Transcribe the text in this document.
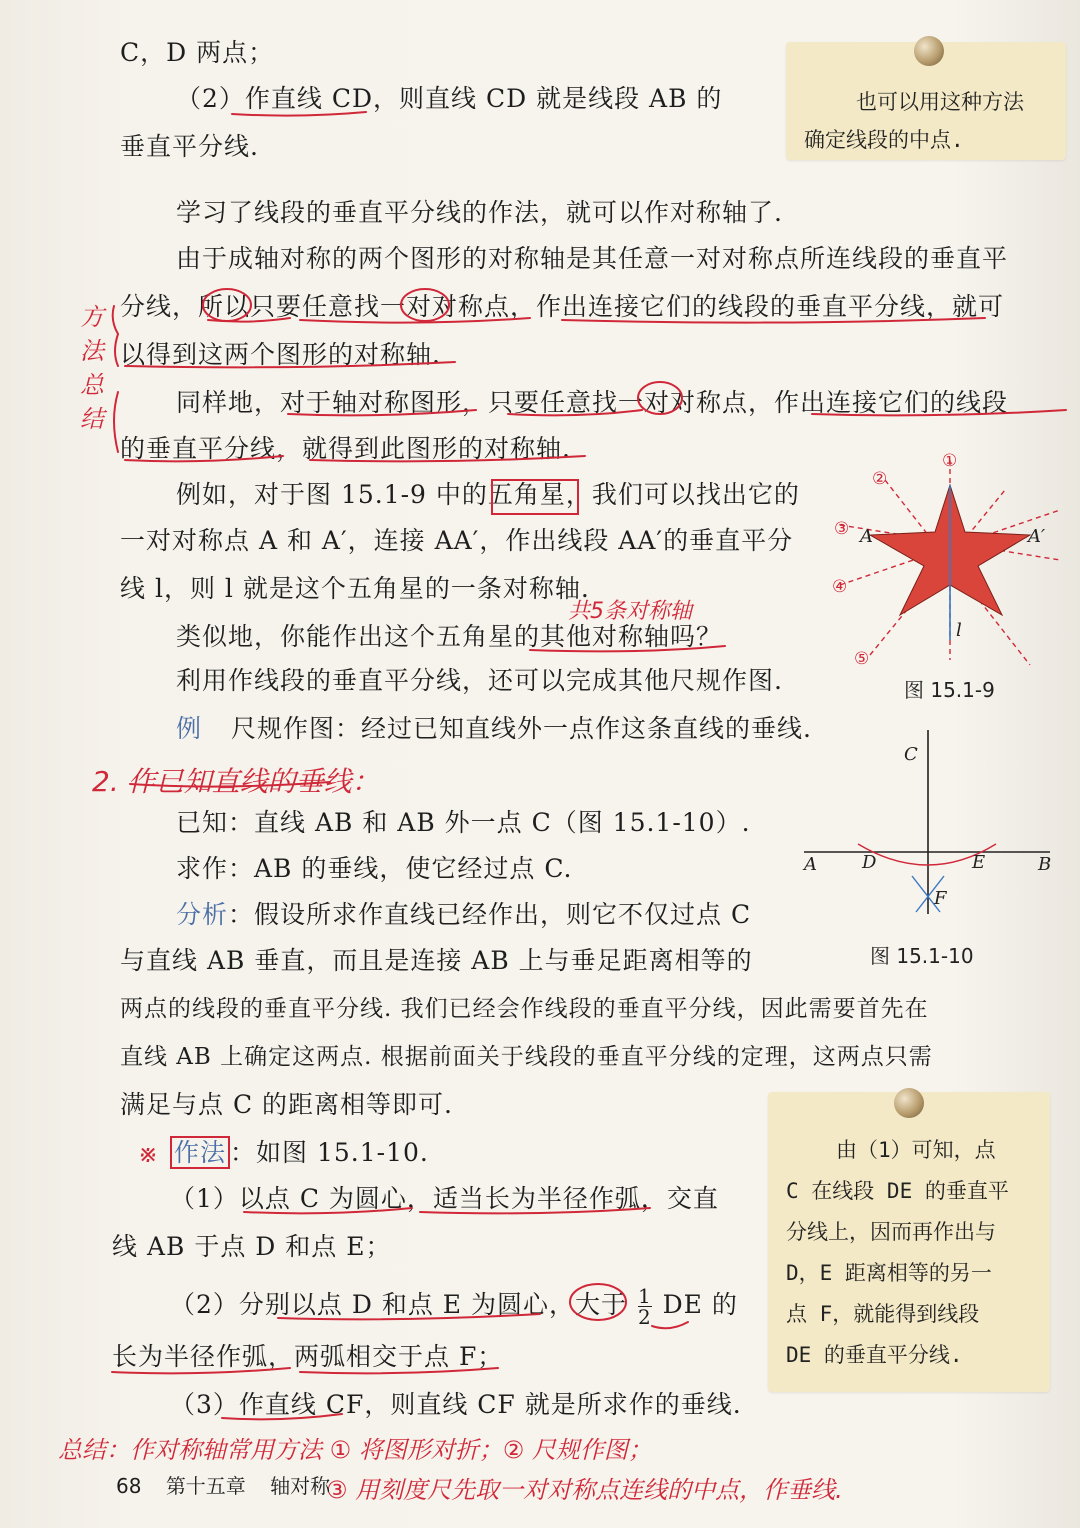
C，D 两点；
（2）作直线 CD，则直线 CD 就是线段 AB 的
垂直平分线.
学习了线段的垂直平分线的作法，就可以作对称轴了.
由于成轴对称的两个图形的对称轴是其任意一对对称点所连线段的垂直平
分线，所以只要任意找一对对称点，作出连接它们的线段的垂直平分线，就可
以得到这两个图形的对称轴.
同样地，对于轴对称图形，只要任意找一对对称点，作出连接它们的线段
的垂直平分线，就得到此图形的对称轴.
例如，对于图 15.1-9 中的五角星，我们可以找出它的
一对对称点 A 和 A′，连接 AA′，作出线段 AA′的垂直平分
线 l，则 l 就是这个五角星的一条对称轴.
类似地，你能作出这个五角星的其他对称轴吗？
利用作线段的垂直平分线，还可以完成其他尺规作图.
例 尺规作图：经过已知直线外一点作这条直线的垂线.
已知：直线 AB 和 AB 外一点 C（图 15.1-10）.
求作：AB 的垂线，使它经过点 C.
分析：假设所求作直线已经作出，则它不仅过点 C
与直线 AB 垂直，而且是连接 AB 上与垂足距离相等的
两点的线段的垂直平分线. 我们已经会作线段的垂直平分线，因此需要首先在
直线 AB 上确定这两点. 根据前面关于线段的垂直平分线的定理，这两点只需
满足与点 C 的距离相等即可.
作法 ：如图 15.1-10.
（1）以点 C 为圆心，适当长为半径作弧，交直
线 AB 于点 D 和点 E；
（2）分别以点 D 和点 E 为圆心，大于 $\frac{1}{2}$ DE 的
长为半径作弧，两弧相交于点 F；
（3）作直线 CF，则直线 CF 就是所求作的垂线.
方法总结
共5条对称轴
2. 作已知直线的垂线：
※
总结：作对称轴常用方法 ① 将图形对折；② 尺规作图；
③ 用刻度尺先取一对对称点连线的中点，作垂线.
也可以用这种方法
确定线段的中点.
由（1）可知，点
C 在线段 DE 的垂直平
分线上，因而再作出与
D，E 距离相等的另一
点 F，就能得到线段
DE 的垂直平分线.
A	A′
l
①
②
③
④
⑤
图 15.1-9
C
A	D	E	B
F
图 15.1-10
68 第十五章 轴对称
